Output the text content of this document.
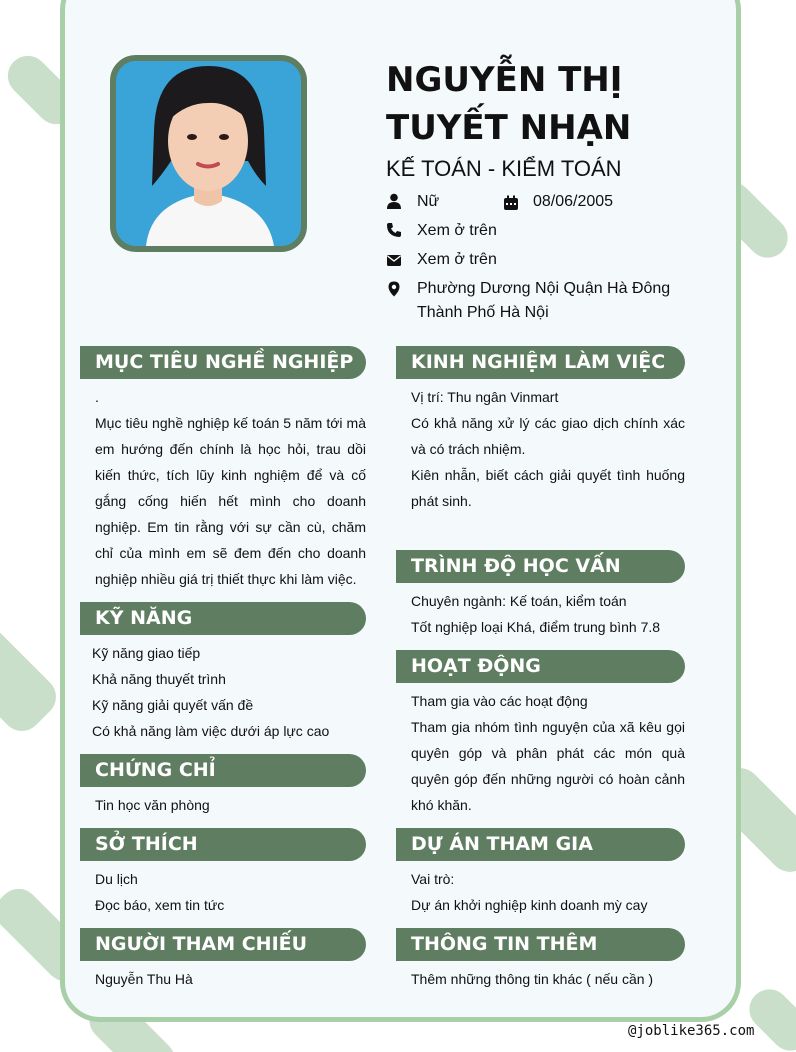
NGUYỄN THỊ TUYẾT NHẠN
KẾ TOÁN - KIỂM TOÁN
Nữ	08/06/2005
Xem ở trên
Xem ở trên
Phường Dương Nội Quận Hà Đông Thành Phố Hà Nội
MỤC TIÊU NGHỀ NGHIỆP
.
Mục tiêu nghề nghiệp kế toán 5 năm tới mà em hướng đến chính là học hỏi, trau dồi kiến thức, tích lũy kinh nghiệm để và cố gắng cống hiến hết mình cho doanh nghiệp. Em tin rằng với sự cần cù, chăm chỉ của mình em sẽ đem đến cho doanh nghiệp nhiều giá trị thiết thực khi làm việc.
KỸ NĂNG
Kỹ năng giao tiếp
Khả năng thuyết trình
Kỹ năng giải quyết vấn đề
Có khả năng làm việc dưới áp lực cao
CHỨNG CHỈ
Tin học văn phòng
SỞ THÍCH
Du lịch
Đọc báo, xem tin tức
NGƯỜI THAM CHIẾU
Nguyễn Thu Hà
KINH NGHIỆM LÀM VIỆC
Vị trí: Thu ngân Vinmart
Có khả năng xử lý các giao dịch chính xác và có trách nhiệm.
Kiên nhẫn, biết cách giải quyết tình huống phát sinh.
TRÌNH ĐỘ HỌC VẤN
Chuyên ngành: Kế toán, kiểm toán
Tốt nghiệp loại Khá, điểm trung bình 7.8
HOẠT ĐỘNG
Tham gia vào các hoạt động
Tham gia nhóm tình nguyện của xã kêu gọi quyên góp và phân phát các món quà quyên góp đến những người có hoàn cảnh khó khăn.
DỰ ÁN THAM GIA
Vai trò:
Dự án khởi nghiệp kinh doanh mỳ cay
THÔNG TIN THÊM
Thêm những thông tin khác ( nếu cần )
@joblike365.com
